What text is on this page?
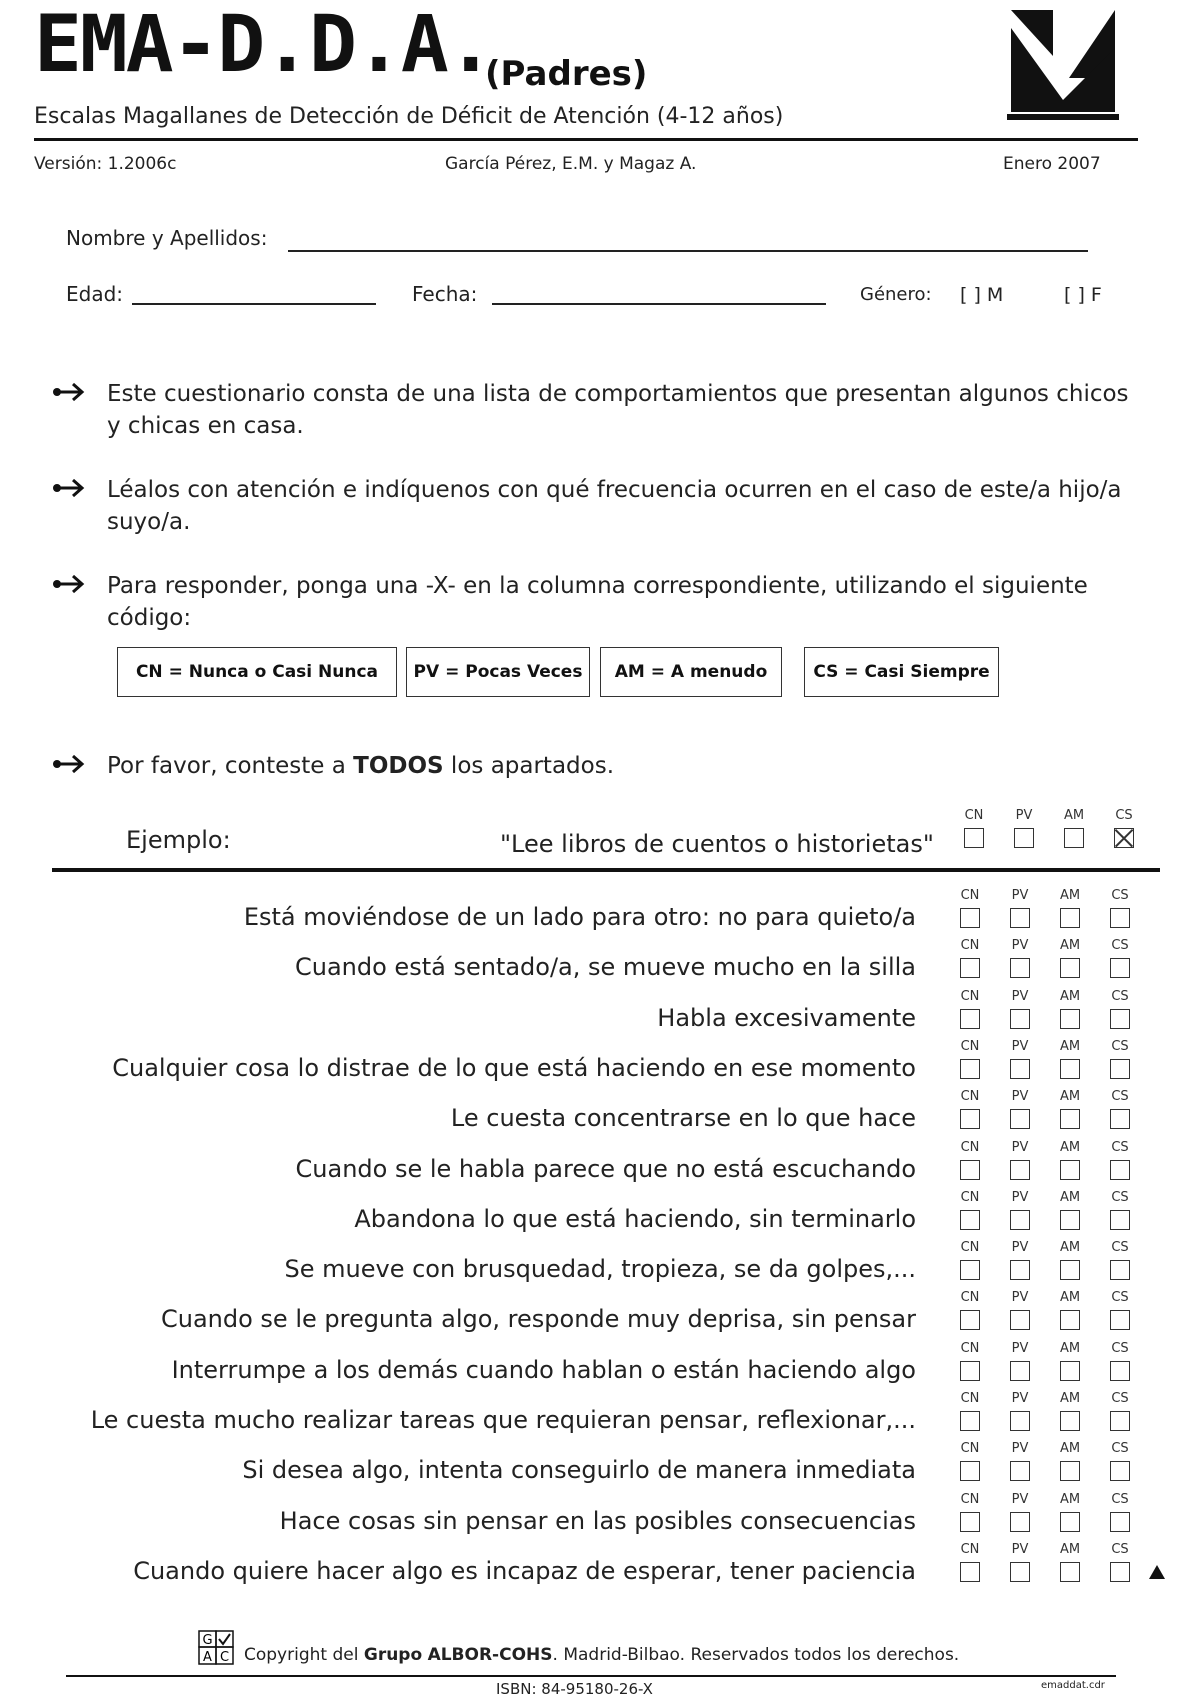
EMA-D.D.A.
(Padres)
Escalas Magallanes de Detección de Déficit de Atención (4-12 años)
Versión: 1.2006c	García Pérez, E.M. y Magaz A.	Enero 2007
Nombre y Apellidos:
Edad:	Fecha:	Género: [ ] M	[ ] F
Este cuestionario consta de una lista de comportamientos que presentan algunos chicos y chicas en casa.
Léalos con atención e indíquenos con qué frecuencia ocurren en el caso de este/a hijo/a suyo/a.
Para responder, ponga una -X- en la columna correspondiente, utilizando el siguiente código:
CN = Nunca o Casi Nunca	PV = Pocas Veces	AM = A menudo	CS = Casi Siempre
Por favor, conteste a TODOS los apartados.
Ejemplo:	"Lee libros de cuentos o historietas"
CN	PV	AM	CS
Está moviéndose de un lado para otro: no para quieto/a
CN	PV	AM	CS
Cuando está sentado/a, se mueve mucho en la silla
CN	PV	AM	CS
Habla excesivamente
CN	PV	AM	CS
Cualquier cosa lo distrae de lo que está haciendo en ese momento
CN	PV	AM	CS
Le cuesta concentrarse en lo que hace
CN	PV	AM	CS
Cuando se le habla parece que no está escuchando
CN	PV	AM	CS
Abandona lo que está haciendo, sin terminarlo
CN	PV	AM	CS
Se mueve con brusquedad, tropieza, se da golpes,...
CN	PV	AM	CS
Cuando se le pregunta algo, responde muy deprisa, sin pensar
CN	PV	AM	CS
Interrumpe a los demás cuando hablan o están haciendo algo
CN	PV	AM	CS
Le cuesta mucho realizar tareas que requieran pensar, reflexionar,...
CN	PV	AM	CS
Si desea algo, intenta conseguirlo de manera inmediata
CN	PV	AM	CS
Hace cosas sin pensar en las posibles consecuencias
CN	PV	AM	CS
Cuando quiere hacer algo es incapaz de esperar, tener paciencia
CN	PV	AM	CS
G
A C Copyright del Grupo ALBOR-COHS. Madrid-Bilbao. Reservados todos los derechos.
ISBN: 84-95180-26-X	emaddat.cdr
